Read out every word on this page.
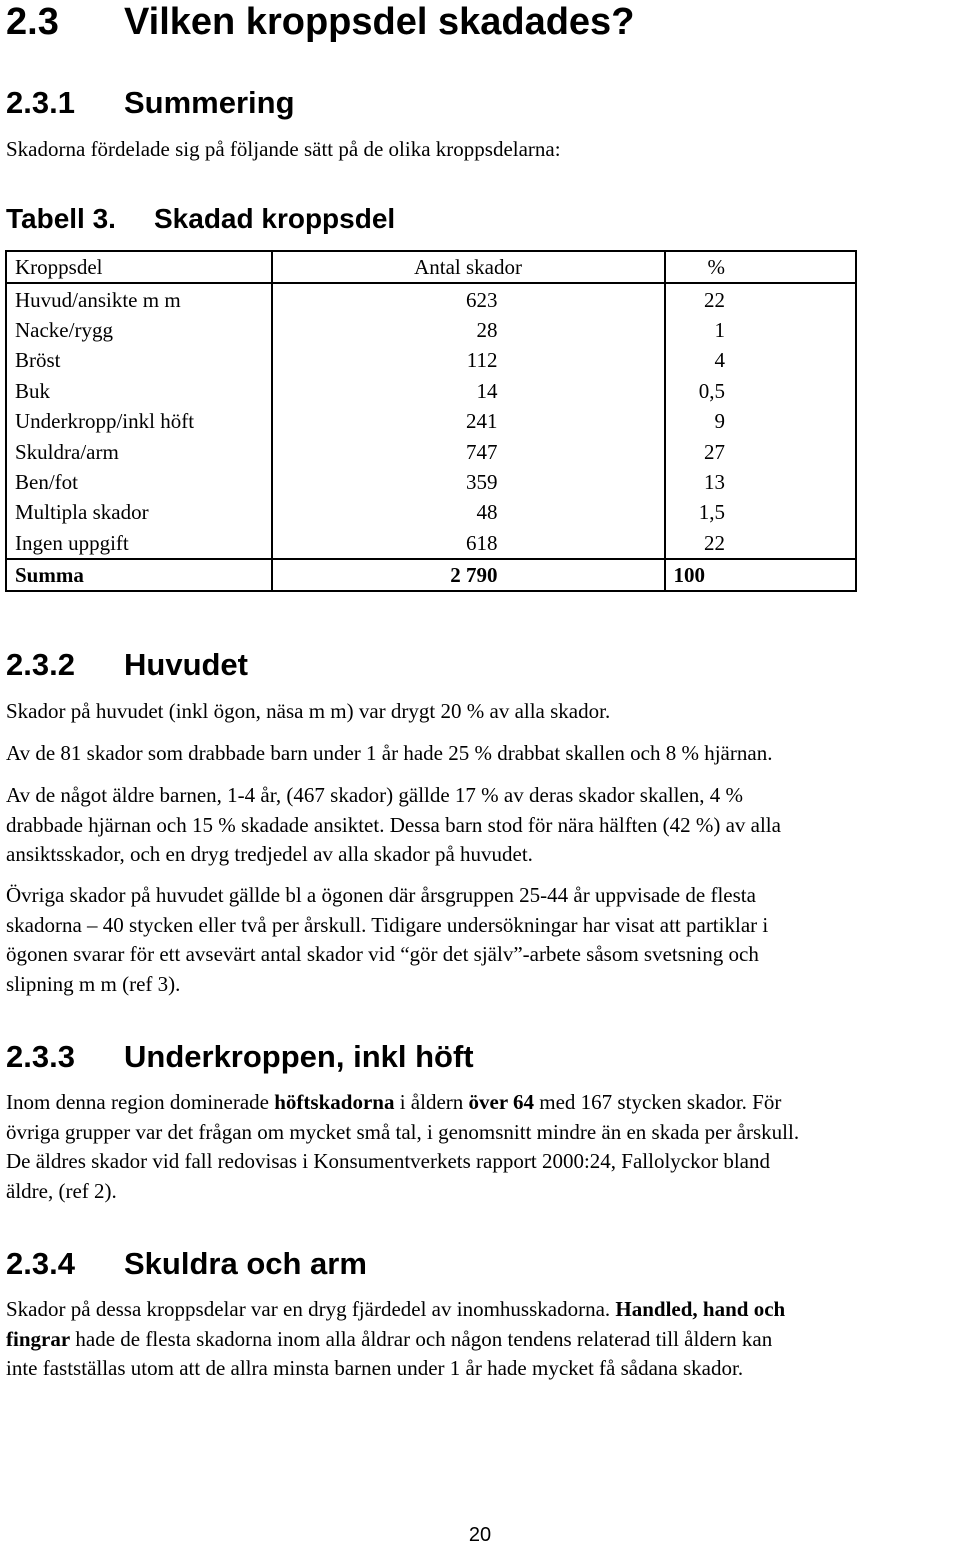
2.3 Vilken kroppsdel skadades?
2.3.1 Summering

Skadorna fördelade sig på följande sätt på de olika kroppsdelarna:

Tabell 3. Skadad kroppsdel
Kroppsdel	Antal skador	%
Huvud/ansikte m m	623	22
Nacke/rygg	28	1
Bröst	112	4
Buk	14	0,5
Underkropp/inkl höft	241	9
Skuldra/arm	747	27
Ben/fot	359	13
Multipla skador	48	1,5
Ingen uppgift	618	22
Summa	2 790	100
2.3.2 Huvudet

Skador på huvudet (inkl ögon, näsa m m) var drygt 20 % av alla skador.

Av de 81 skador som drabbade barn under 1 år hade 25 % drabbat skallen och 8 % hjärnan.

Av de något äldre barnen, 1-4 år, (467 skador) gällde 17 % av deras skador skallen, 4 %
drabbade hjärnan och 15 % skadade ansiktet. Dessa barn stod för nära hälften (42 %) av alla
ansiktsskador, och en dryg tredjedel av alla skador på huvudet.
Övriga skador på huvudet gällde bl a ögonen där årsgruppen 25-44 år uppvisade de flesta
skadorna – 40 stycken eller två per årskull. Tidigare undersökningar har visat att partiklar i
ögonen svarar för ett avsevärt antal skador vid “gör det själv”-arbete såsom svetsning och
slipning m m (ref 3).
2.3.3 Underkroppen, inkl höft
Inom denna region dominerade höftskadorna i åldern över 64 med 167 stycken skador. För
övriga grupper var det frågan om mycket små tal, i genomsnitt mindre än en skada per årskull.
De äldres skador vid fall redovisas i Konsumentverkets rapport 2000:24, Fallolyckor bland
äldre, (ref 2).
2.3.4 Skuldra och arm
Skador på dessa kroppsdelar var en dryg fjärdedel av inomhusskadorna. Handled, hand och
fingrar hade de flesta skadorna inom alla åldrar och någon tendens relaterad till åldern kan
inte fastställas utom att de allra minsta barnen under 1 år hade mycket få sådana skador.
20
